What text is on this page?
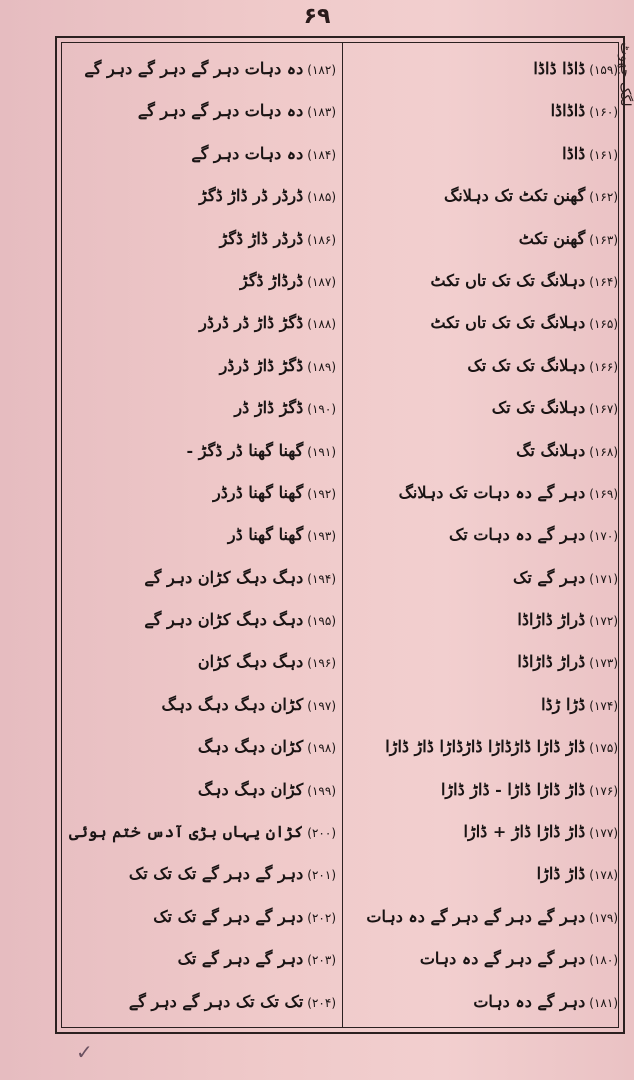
۶۹
لگک جھوٹ
(۱۵۹)ڈاڈا ڈاڈا
(۱۶۰)ڈاڈاڈا
(۱۶۱)ڈاڈا
(۱۶۲)گھنن تکٹ تک دہلانگ
(۱۶۳)گھنن تکٹ
(۱۶۴)دہلانگ تک تک تاں تکٹ
(۱۶۵)دہلانگ تک تک تاں تکٹ
(۱۶۶)دہلانگ تک تک تک
(۱۶۷)دہلانگ تک تک
(۱۶۸)دہلانگ تگ
(۱۶۹)دہر گے دہ دہات تک دہلانگ
(۱۷۰)دہر گے دہ دہات تک
(۱۷۱)دہر گے تک
(۱۷۲)ڈراڑ ڈاڑاڈا
(۱۷۳)ڈراڑ ڈاڑاڈا
(۱۷۴)ڈڑا ڑڈا
(۱۷۵)ڈاڑ ڈاڑا ڈاڑڈاڑا ڈاڑڈاڑا ڈاڑ ڈاڑا
(۱۷۶)ڈاڑ ڈاڑا ڈاڑا - ڈاڑ ڈاڑا
(۱۷۷)ڈاڑ ڈاڑا ڈاڑ + ڈاڑا
(۱۷۸)ڈاڑ ڈاڑا
(۱۷۹)دہر گے دہر گے دہر گے دہ دہات
(۱۸۰)دہر گے دہر گے دہ دہات
(۱۸۱)دہر گے دہ دہات
(۱۸۲)دہ دہات دہر گے دہر گے دہر گے
(۱۸۳)دہ دہات دہر گے دہر گے
(۱۸۴)دہ دہات دہر گے
(۱۸۵)ڈرڈر ڈر ڈاڑ ڈگڑ
(۱۸۶)ڈرڈر ڈاڑ ڈگڑ
(۱۸۷)ڈرڈاڑ ڈگڑ
(۱۸۸)ڈگڑ ڈاڑ ڈر ڈرڈر
(۱۸۹)ڈگڑ ڈاڑ ڈرڈر
(۱۹۰)ڈگڑ ڈاڑ ڈر
(۱۹۱)گھنا گھنا ڈر ڈگڑ -
(۱۹۲)گھنا گھنا ڈرڈر
(۱۹۳)گھنا گھنا ڈر
(۱۹۴)دہگ دہگ کڑان دہر گے
(۱۹۵)دہگ دہگ کڑان دہر گے
(۱۹۶)دہگ دہگ کڑان
(۱۹۷)کڑان دہگ دہگ دہگ
(۱۹۸)کڑان دہگ دہگ
(۱۹۹)کڑان دہگ دہگ
(۲۰۰)کڑان یہاں بڑی آدس ختم ہوئی
(۲۰۱)دہر گے دہر گے تک تک تک
(۲۰۲)دہر گے دہر گے تک تک
(۲۰۳)دہر گے دہر گے تک
(۲۰۴)تک تک تک دہر گے دہر گے
✓
